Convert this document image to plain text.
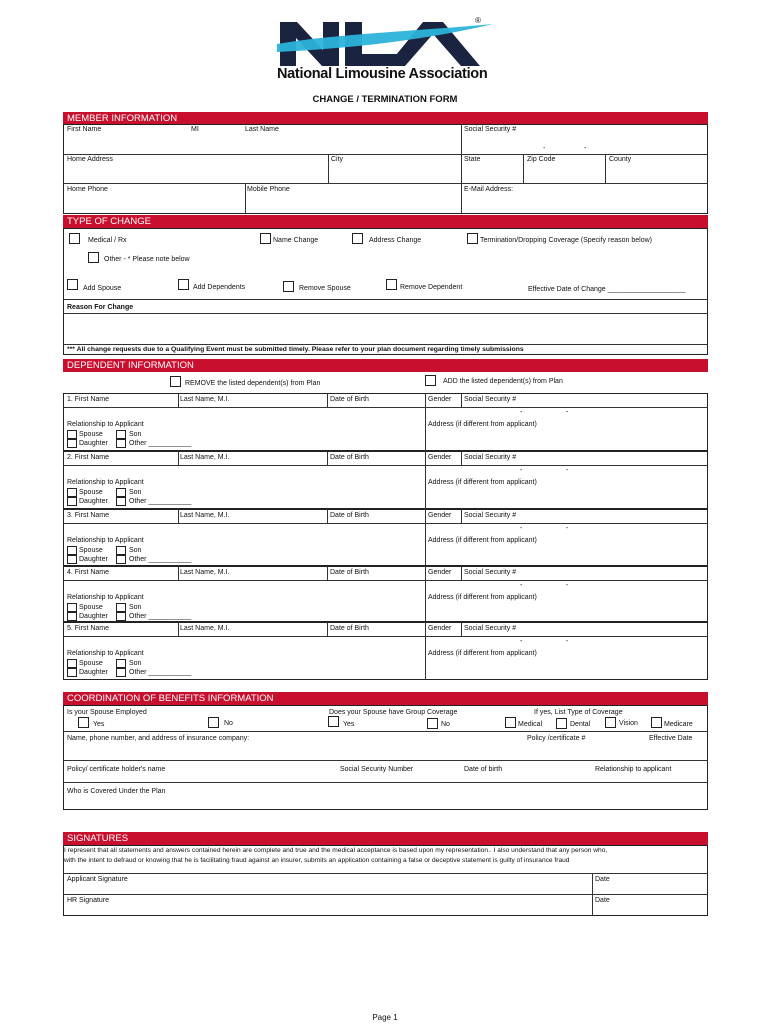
®
National Limousine Association
CHANGE / TERMINATION FORM
MEMBER INFORMATION
First Name	MI	Last Name	Social Security #
-	-
Home Address	City	State	Zip Code	County
Home Phone	Mobile Phone	E-Mail Address:
TYPE OF CHANGE
Medical / Rx	Name Change	Address Change	Termination/Dropping Coverage (Specify reason below)
Other - * Please note below
Add Spouse	Add Dependents	Remove Spouse	Remove Dependent	Effective Date of Change ____________________
Reason For Change
*** All change requests due to a Qualifying Event must be submitted timely. Please refer to your plan document regarding timely submissions
DEPENDENT INFORMATION
REMOVE the listed dependent(s) from Plan	ADD the listed dependent(s) from Plan
1. First Name	Last Name, M.I.	Date of Birth	Gender Social Security #
-	-
Relationship to Applicant	Address (if different from applicant)
Spouse	Son
Daughter	Other ___________
2. First Name	Last Name, M.I.	Date of Birth	Gender Social Security #
-	-
Relationship to Applicant	Address (if different from applicant)
Spouse	Son
Daughter	Other ___________
3. First Name	Last Name, M.I.	Date of Birth	Gender Social Security #
-	-
Relationship to Applicant	Address (if different from applicant)
Spouse	Son
Daughter	Other ___________
4. First Name	Last Name, M.I.	Date of Birth	Gender Social Security #
-	-
Relationship to Applicant	Address (if different from applicant)
Spouse	Son
Daughter	Other ___________
5. First Name	Last Name, M.I.	Date of Birth	Gender Social Security #
-	-
Relationship to Applicant	Address (if different from applicant)
Spouse	Son
Daughter	Other ___________
COORDINATION OF BENEFITS INFORMATION
Is your Spouse Employed
Yes	No
Does your Spouse have Group Coverage
Yes	No
If yes, List Type of Coverage
Medical	Dental	Vision	Medicare
Name, phone number, and address of insurance company:	Policy /certificate #	Effective Date
Policy/ certificate holder's name	Social Security Number	Date of birth	Relationship to applicant
Who is Covered Under the Plan
SIGNATURES
I represent that all statements and answers contained herein are complete and true and the medical acceptance is based upon my representation.. I also understand that any person who,
with the intent to defraud or knowing that he is facilitating fraud against an insurer, submits an application containing a false or deceptive statement is guilty of insurance fraud
Applicant Signature	Date
HR Signature	Date
Page 1
